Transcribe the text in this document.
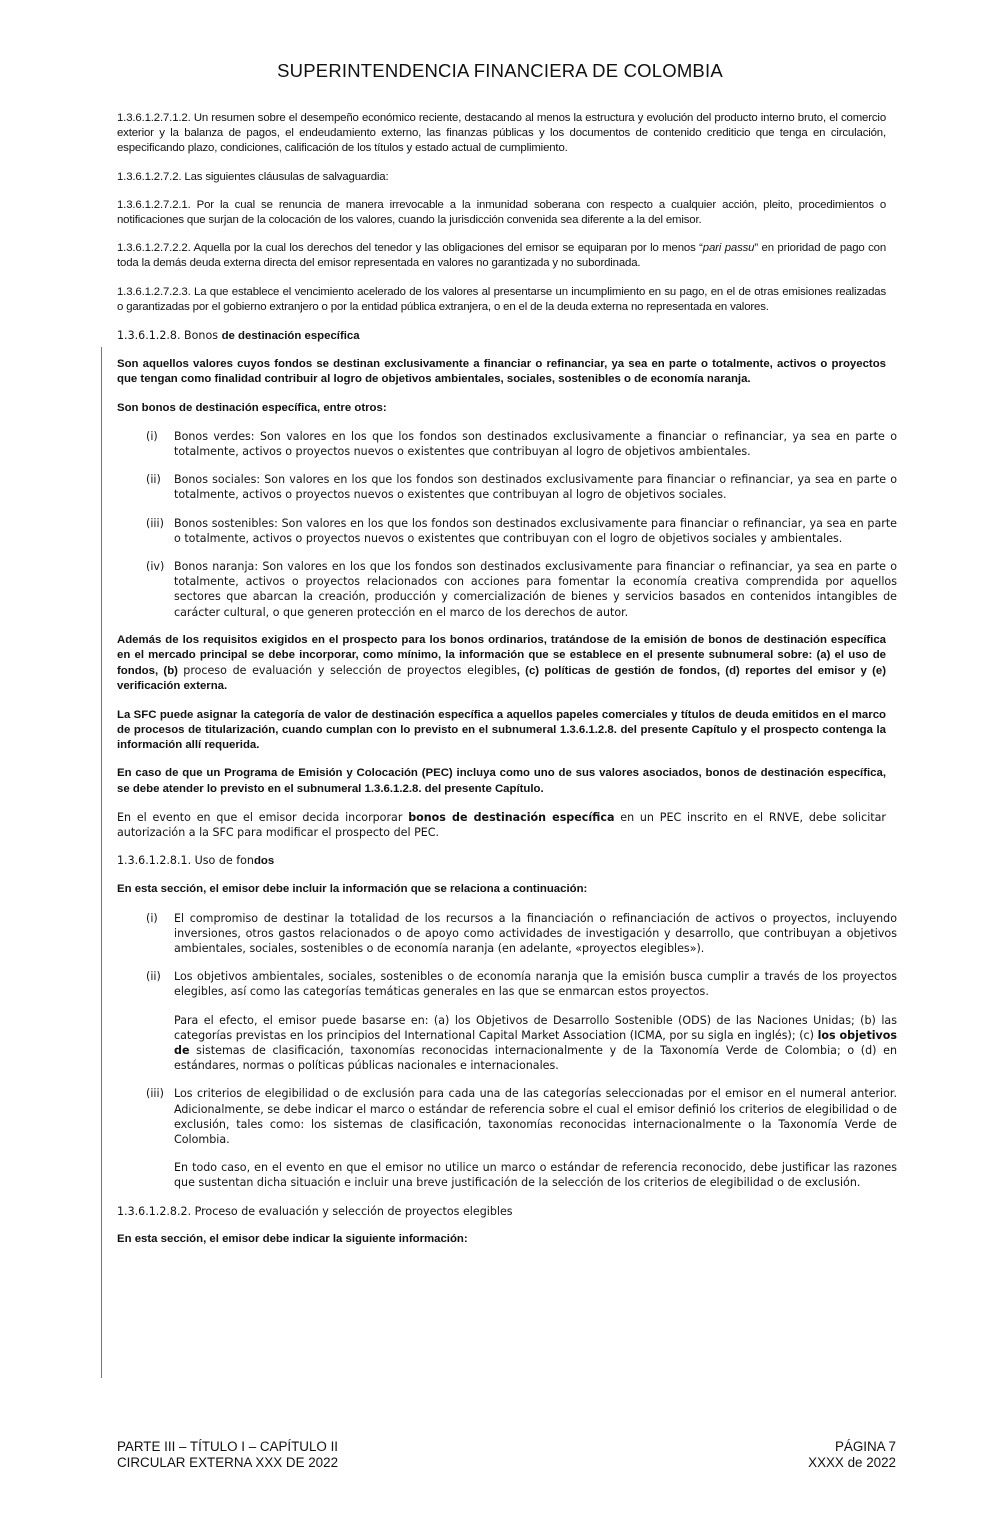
SUPERINTENDENCIA FINANCIERA DE COLOMBIA

1.3.6.1.2.7.1.2. Un resumen sobre el desempeño económico reciente, destacando al menos la estructura y evolución del producto interno bruto, el comercio exterior y la balanza de pagos, el endeudamiento externo, las finanzas públicas y los documentos de contenido crediticio que tenga en circulación, especificando plazo, condiciones, calificación de los títulos y estado actual de cumplimiento.

1.3.6.1.2.7.2. Las siguientes cláusulas de salvaguardia:

1.3.6.1.2.7.2.1. Por la cual se renuncia de manera irrevocable a la inmunidad soberana con respecto a cualquier acción, pleito, procedimientos o notificaciones que surjan de la colocación de los valores, cuando la jurisdicción convenida sea diferente a la del emisor.

1.3.6.1.2.7.2.2. Aquella por la cual los derechos del tenedor y las obligaciones del emisor se equiparan por lo menos “pari passu” en prioridad de pago con toda la demás deuda externa directa del emisor representada en valores no garantizada y no subordinada.

1.3.6.1.2.7.2.3. La que establece el vencimiento acelerado de los valores al presentarse un incumplimiento en su pago, en el de otras emisiones realizadas o garantizadas por el gobierno extranjero o por la entidad pública extranjera, o en el de la deuda externa no representada en valores.

1.3.6.1.2.8. Bonos de destinación específica

Son aquellos valores cuyos fondos se destinan exclusivamente a financiar o refinanciar, ya sea en parte o totalmente, activos o proyectos que tengan como finalidad contribuir al logro de objetivos ambientales, sociales, sostenibles o de economía naranja.

Son bonos de destinación específica, entre otros:

(i) Bonos verdes: Son valores en los que los fondos son destinados exclusivamente a financiar o refinanciar, ya sea en parte o totalmente, activos o proyectos nuevos o existentes que contribuyan al logro de objetivos ambientales.
(ii) Bonos sociales: Son valores en los que los fondos son destinados exclusivamente para financiar o refinanciar, ya sea en parte o totalmente, activos o proyectos nuevos o existentes que contribuyan al logro de objetivos sociales.
(iii) Bonos sostenibles: Son valores en los que los fondos son destinados exclusivamente para financiar o refinanciar, ya sea en parte o totalmente, activos o proyectos nuevos o existentes que contribuyan con el logro de objetivos sociales y ambientales.
(iv) Bonos naranja: Son valores en los que los fondos son destinados exclusivamente para financiar o refinanciar, ya sea en parte o totalmente, activos o proyectos relacionados con acciones para fomentar la economía creativa comprendida por aquellos sectores que abarcan la creación, producción y comercialización de bienes y servicios basados en contenidos intangibles de carácter cultural, o que generen protección en el marco de los derechos de autor.

Además de los requisitos exigidos en el prospecto para los bonos ordinarios, tratándose de la emisión de bonos de destinación específica en el mercado principal se debe incorporar, como mínimo, la información que se establece en el presente subnumeral sobre: (a) el uso de fondos, (b) proceso de evaluación y selección de proyectos elegibles, (c) políticas de gestión de fondos, (d) reportes del emisor y (e) verificación externa.

La SFC puede asignar la categoría de valor de destinación específica a aquellos papeles comerciales y títulos de deuda emitidos en el marco de procesos de titularización, cuando cumplan con lo previsto en el subnumeral 1.3.6.1.2.8. del presente Capítulo y el prospecto contenga la información allí requerida.

En caso de que un Programa de Emisión y Colocación (PEC) incluya como uno de sus valores asociados, bonos de destinación específica, se debe atender lo previsto en el subnumeral 1.3.6.1.2.8. del presente Capítulo.

En el evento en que el emisor decida incorporar bonos de destinación específica en un PEC inscrito en el RNVE, debe solicitar autorización a la SFC para modificar el prospecto del PEC.

1.3.6.1.2.8.1. Uso de fondos

En esta sección, el emisor debe incluir la información que se relaciona a continuación:

(i) El compromiso de destinar la totalidad de los recursos a la financiación o refinanciación de activos o proyectos, incluyendo inversiones, otros gastos relacionados o de apoyo como actividades de investigación y desarrollo, que contribuyan a objetivos ambientales, sociales, sostenibles o de economía naranja (en adelante, «proyectos elegibles»).
(ii) Los objetivos ambientales, sociales, sostenibles o de economía naranja que la emisión busca cumplir a través de los proyectos elegibles, así como las categorías temáticas generales en las que se enmarcan estos proyectos.

Para el efecto, el emisor puede basarse en: (a) los Objetivos de Desarrollo Sostenible (ODS) de las Naciones Unidas; (b) las categorías previstas en los principios del International Capital Market Association (ICMA, por su sigla en inglés); (c) los objetivos de sistemas de clasificación, taxonomías reconocidas internacionalmente y de la Taxonomía Verde de Colombia; o (d) en estándares, normas o políticas públicas nacionales e internacionales.

(iii) Los criterios de elegibilidad o de exclusión para cada una de las categorías seleccionadas por el emisor en el numeral anterior. Adicionalmente, se debe indicar el marco o estándar de referencia sobre el cual el emisor definió los criterios de elegibilidad o de exclusión, tales como: los sistemas de clasificación, taxonomías reconocidas internacionalmente o la Taxonomía Verde de Colombia.

En todo caso, en el evento en que el emisor no utilice un marco o estándar de referencia reconocido, debe justificar las razones que sustentan dicha situación e incluir una breve justificación de la selección de los criterios de elegibilidad o de exclusión.

1.3.6.1.2.8.2. Proceso de evaluación y selección de proyectos elegibles

En esta sección, el emisor debe indicar la siguiente información:

PARTE III – TÍTULO I – CAPÍTULO II
CIRCULAR EXTERNA XXX DE 2022
PÁGINA 7
XXXX de 2022
